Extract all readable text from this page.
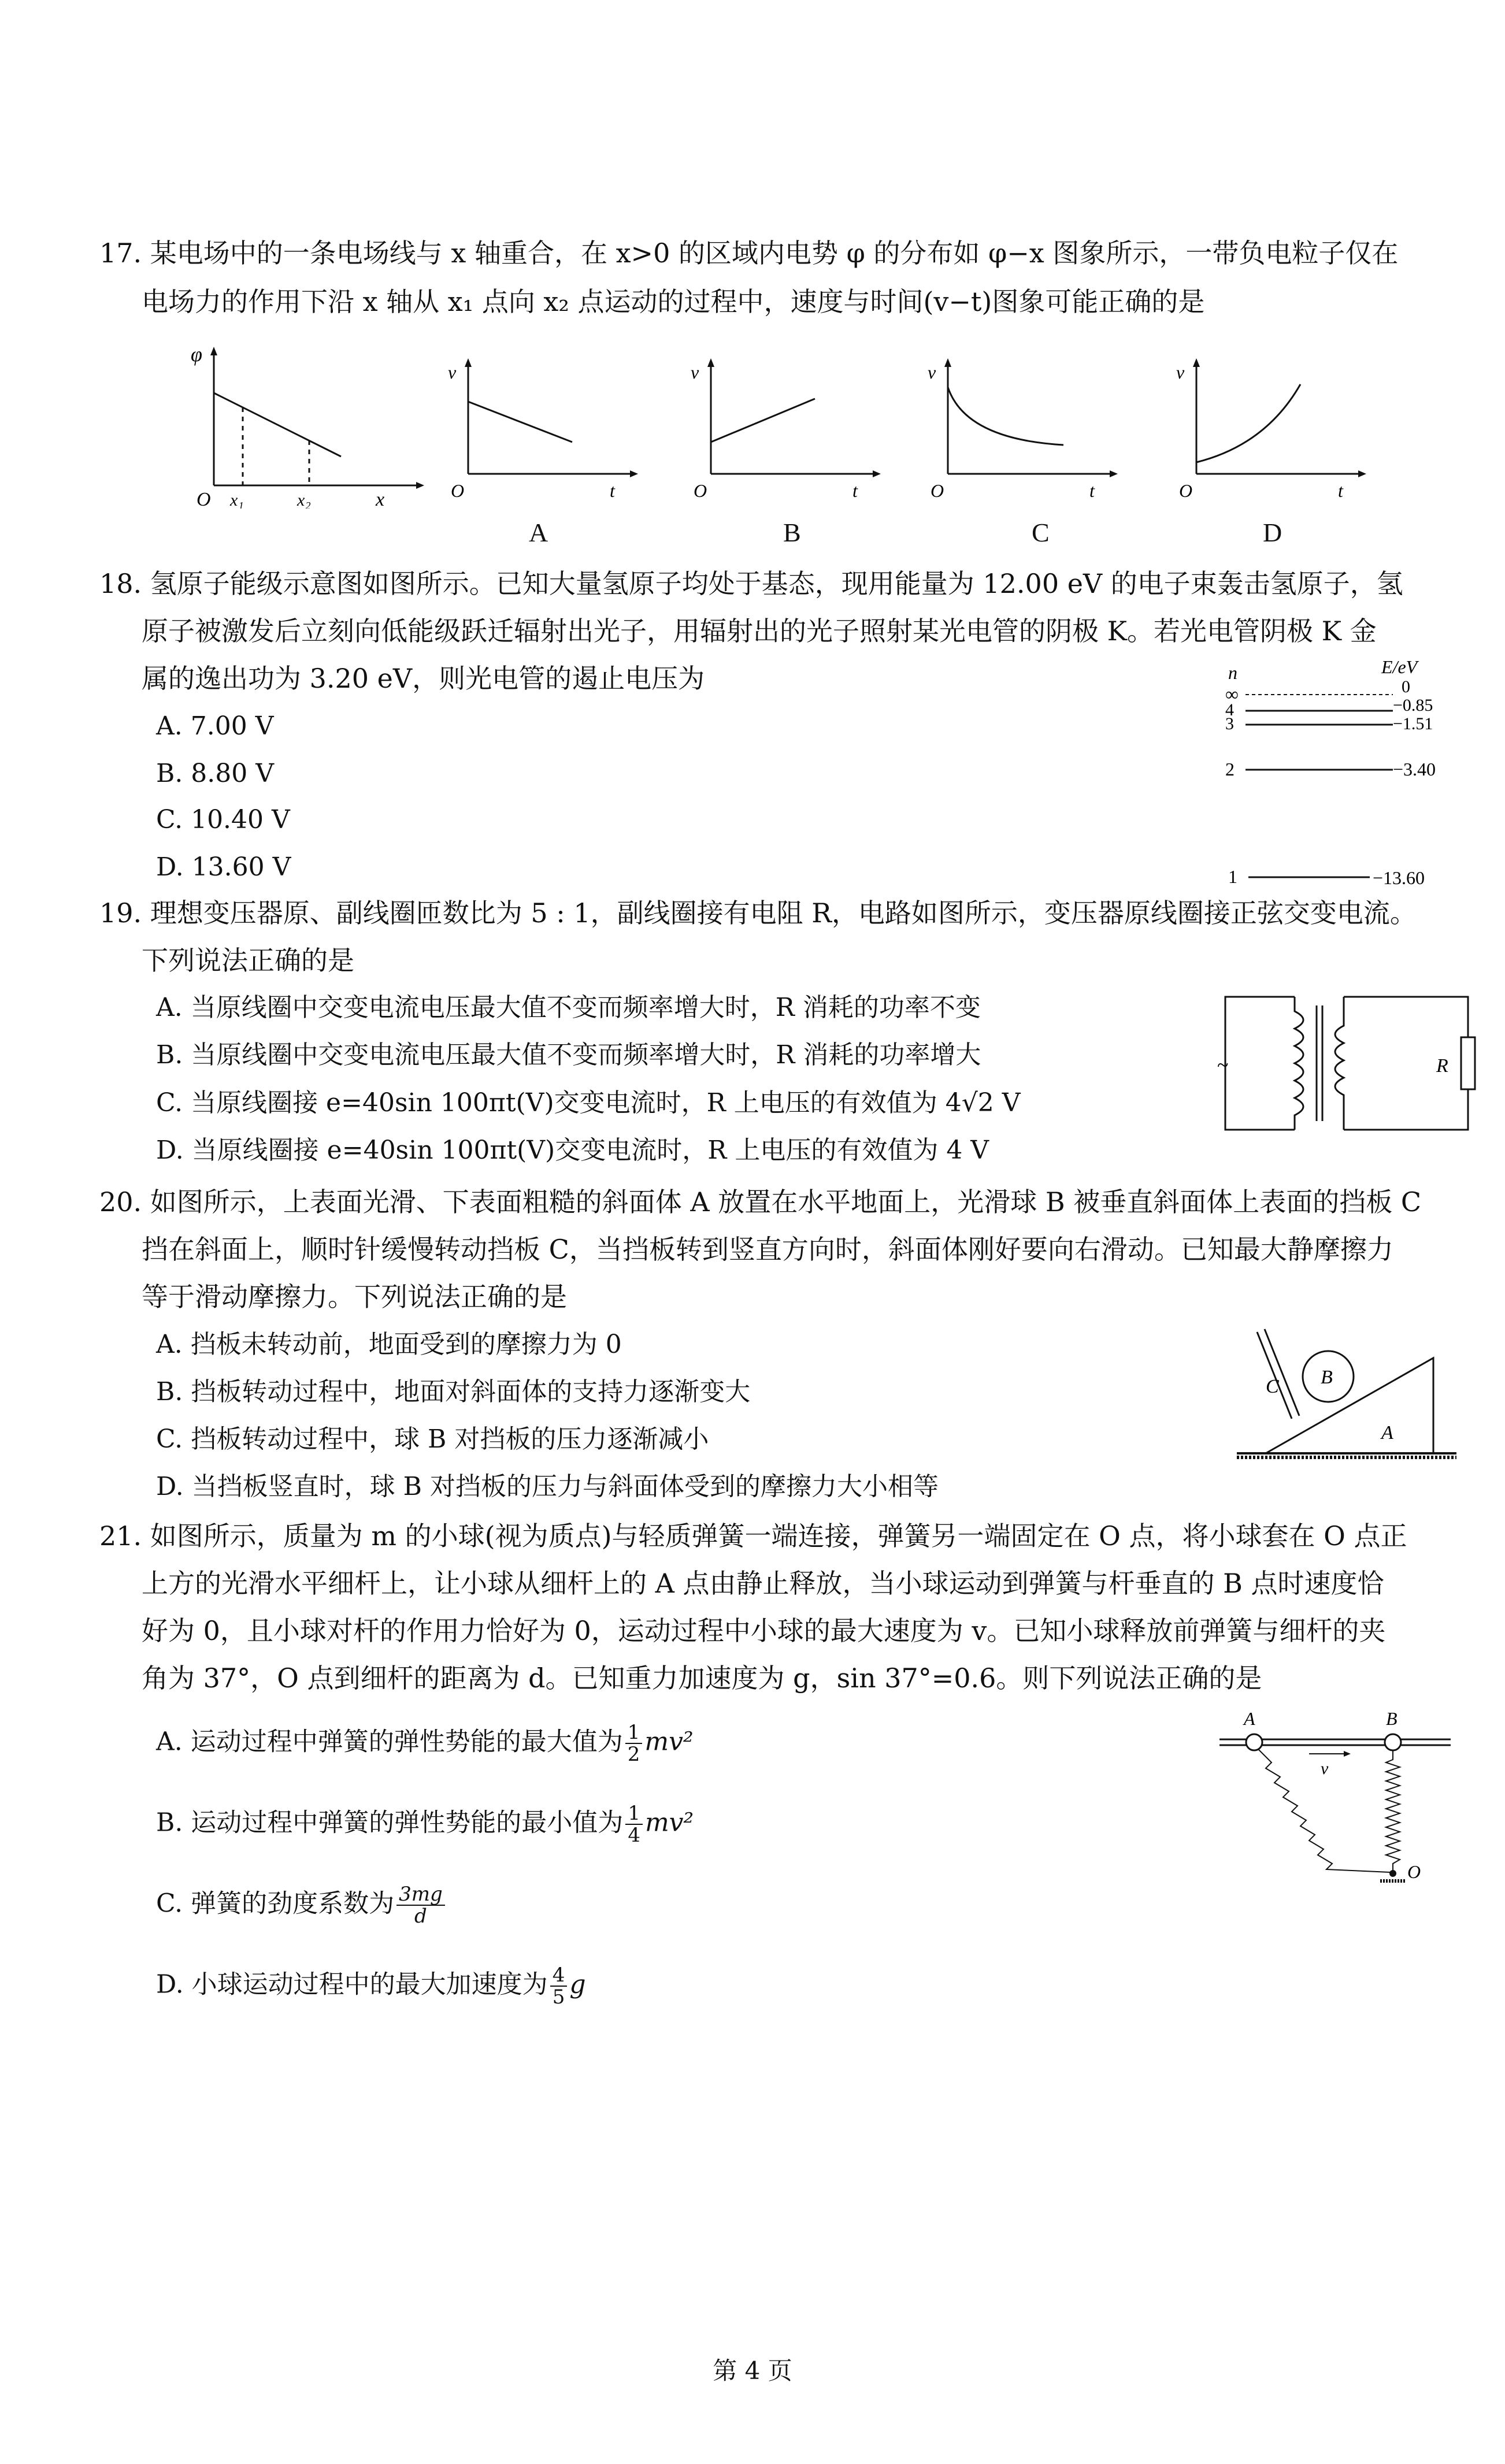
17. 某电场中的一条电场线与 x 轴重合，在 x>0 的区域内电势 φ 的分布如 φ−x 图象所示，一带负电粒子仅在
电场力的作用下沿 x 轴从 x₁ 点向 x₂ 点运动的过程中，速度与时间(v−t)图象可能正确的是
φ
O x₁	x₂	x
v
O	t
v
O	t
v
O	t
v
O	t
A	B	C	D
18. 氢原子能级示意图如图所示。已知大量氢原子均处于基态，现用能量为 12.00 eV 的电子束轰击氢原子，氢
原子被激发后立刻向低能级跃迁辐射出光子，用辐射出的光子照射某光电管的阴极 K。若光电管阴极 K 金
属的逸出功为 3.20 eV，则光电管的遏止电压为
A. 7.00 V
B. 8.80 V
C. 10.40 V
D. 13.60 V
n	E/eV
∞	0
4	−0.85
3	−1.51
2	−3.40
1	−13.60
19. 理想变压器原、副线圈匝数比为 5 : 1，副线圈接有电阻 R，电路如图所示，变压器原线圈接正弦交变电流。
下列说法正确的是
A. 当原线圈中交变电流电压最大值不变而频率增大时，R 消耗的功率不变
B. 当原线圈中交变电流电压最大值不变而频率增大时，R 消耗的功率增大
C. 当原线圈接 e=40sin 100πt(V)交变电流时，R 上电压的有效值为 4√2 V
D. 当原线圈接 e=40sin 100πt(V)交变电流时，R 上电压的有效值为 4 V
~	R
20. 如图所示，上表面光滑、下表面粗糙的斜面体 A 放置在水平地面上，光滑球 B 被垂直斜面体上表面的挡板 C
挡在斜面上，顺时针缓慢转动挡板 C，当挡板转到竖直方向时，斜面体刚好要向右滑动。已知最大静摩擦力
等于滑动摩擦力。下列说法正确的是
A. 挡板未转动前，地面受到的摩擦力为 0
B. 挡板转动过程中，地面对斜面体的支持力逐渐变大
C. 挡板转动过程中，球 B 对挡板的压力逐渐减小
D. 当挡板竖直时，球 B 对挡板的压力与斜面体受到的摩擦力大小相等
B
C
A
21. 如图所示，质量为 m 的小球(视为质点)与轻质弹簧一端连接，弹簧另一端固定在 O 点，将小球套在 O 点正
上方的光滑水平细杆上，让小球从细杆上的 A 点由静止释放，当小球运动到弹簧与杆垂直的 B 点时速度恰
好为 0，且小球对杆的作用力恰好为 0，运动过程中小球的最大速度为 v。已知小球释放前弹簧与细杆的夹
角为 37°，O 点到细杆的距离为 d。已知重力加速度为 g，sin 37°=0.6。则下列说法正确的是
A. 运动过程中弹簧的弹性势能的最大值为 $\frac{1}{2} mv^2$
B. 运动过程中弹簧的弹性势能的最小值为 $\frac{1}{4} mv^2$
C. 弹簧的劲度系数为 $\frac{3mg}{d}$
D. 小球运动过程中的最大加速度为 $\frac{4}{5}$ g
A	B
v
O
第 4 页
